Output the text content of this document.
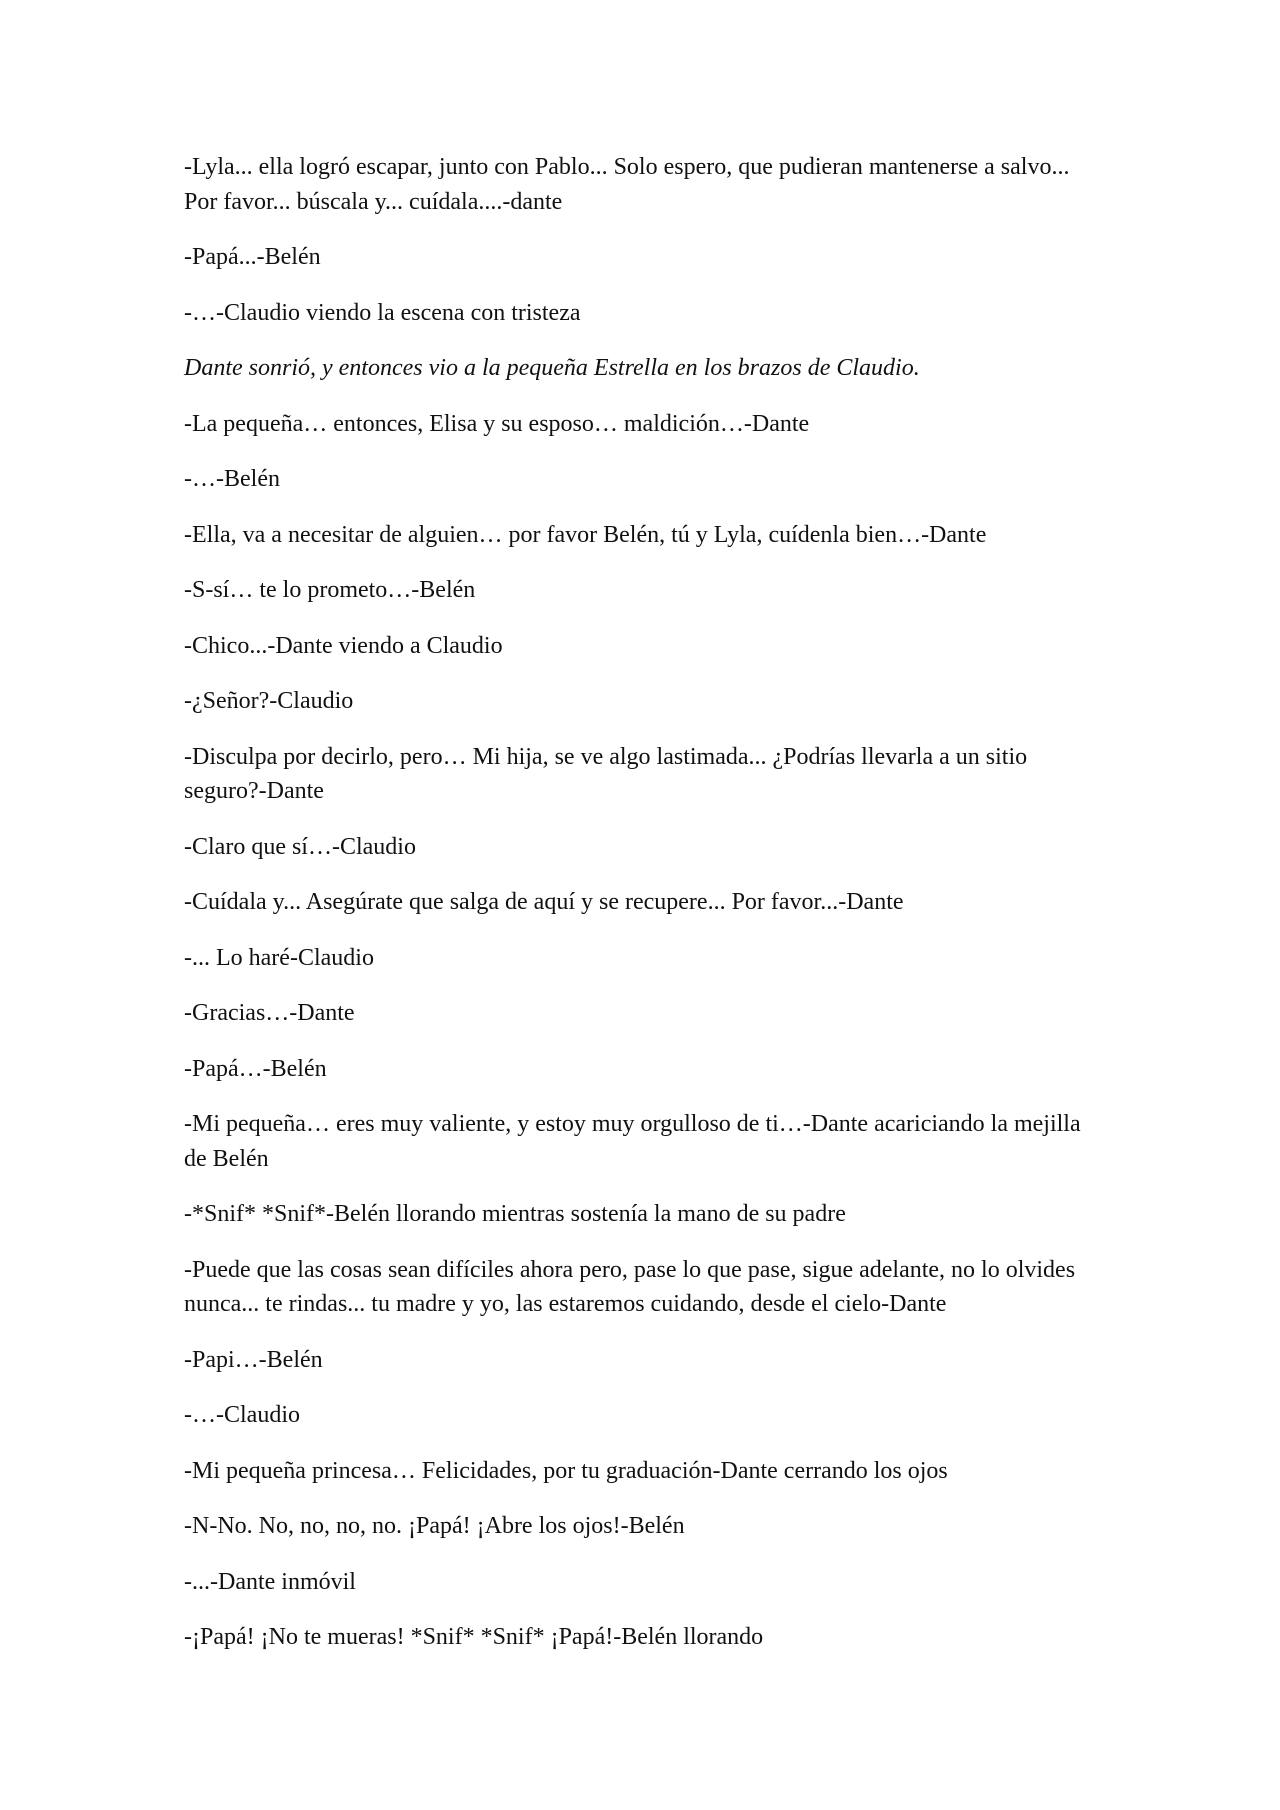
-Lyla... ella logró escapar, junto con Pablo... Solo espero, que pudieran mantenerse a salvo... Por favor... búscala y... cuídala....-dante

-Papá...-Belén

-…-Claudio viendo la escena con tristeza

Dante sonrió, y entonces vio a la pequeña Estrella en los brazos de Claudio.

-La pequeña… entonces, Elisa y su esposo… maldición…-Dante

-…-Belén

-Ella, va a necesitar de alguien… por favor Belén, tú y Lyla, cuídenla bien…-Dante

-S-sí… te lo prometo…-Belén

-Chico...-Dante viendo a Claudio

-¿Señor?-Claudio

-Disculpa por decirlo, pero… Mi hija, se ve algo lastimada... ¿Podrías llevarla a un sitio seguro?-Dante

-Claro que sí…-Claudio

-Cuídala y... Asegúrate que salga de aquí y se recupere... Por favor...-Dante

-... Lo haré-Claudio

-Gracias…-Dante

-Papá…-Belén

-Mi pequeña… eres muy valiente, y estoy muy orgulloso de ti…-Dante acariciando la mejilla de Belén

-*Snif* *Snif*-Belén llorando mientras sostenía la mano de su padre

-Puede que las cosas sean difíciles ahora pero, pase lo que pase, sigue adelante, no lo olvides nunca... te rindas... tu madre y yo, las estaremos cuidando, desde el cielo-Dante

-Papi…-Belén

-…-Claudio

-Mi pequeña princesa… Felicidades, por tu graduación-Dante cerrando los ojos

-N-No. No, no, no, no. ¡Papá! ¡Abre los ojos!-Belén

-...-Dante inmóvil

-¡Papá! ¡No te mueras! *Snif* *Snif* ¡Papá!-Belén llorando
